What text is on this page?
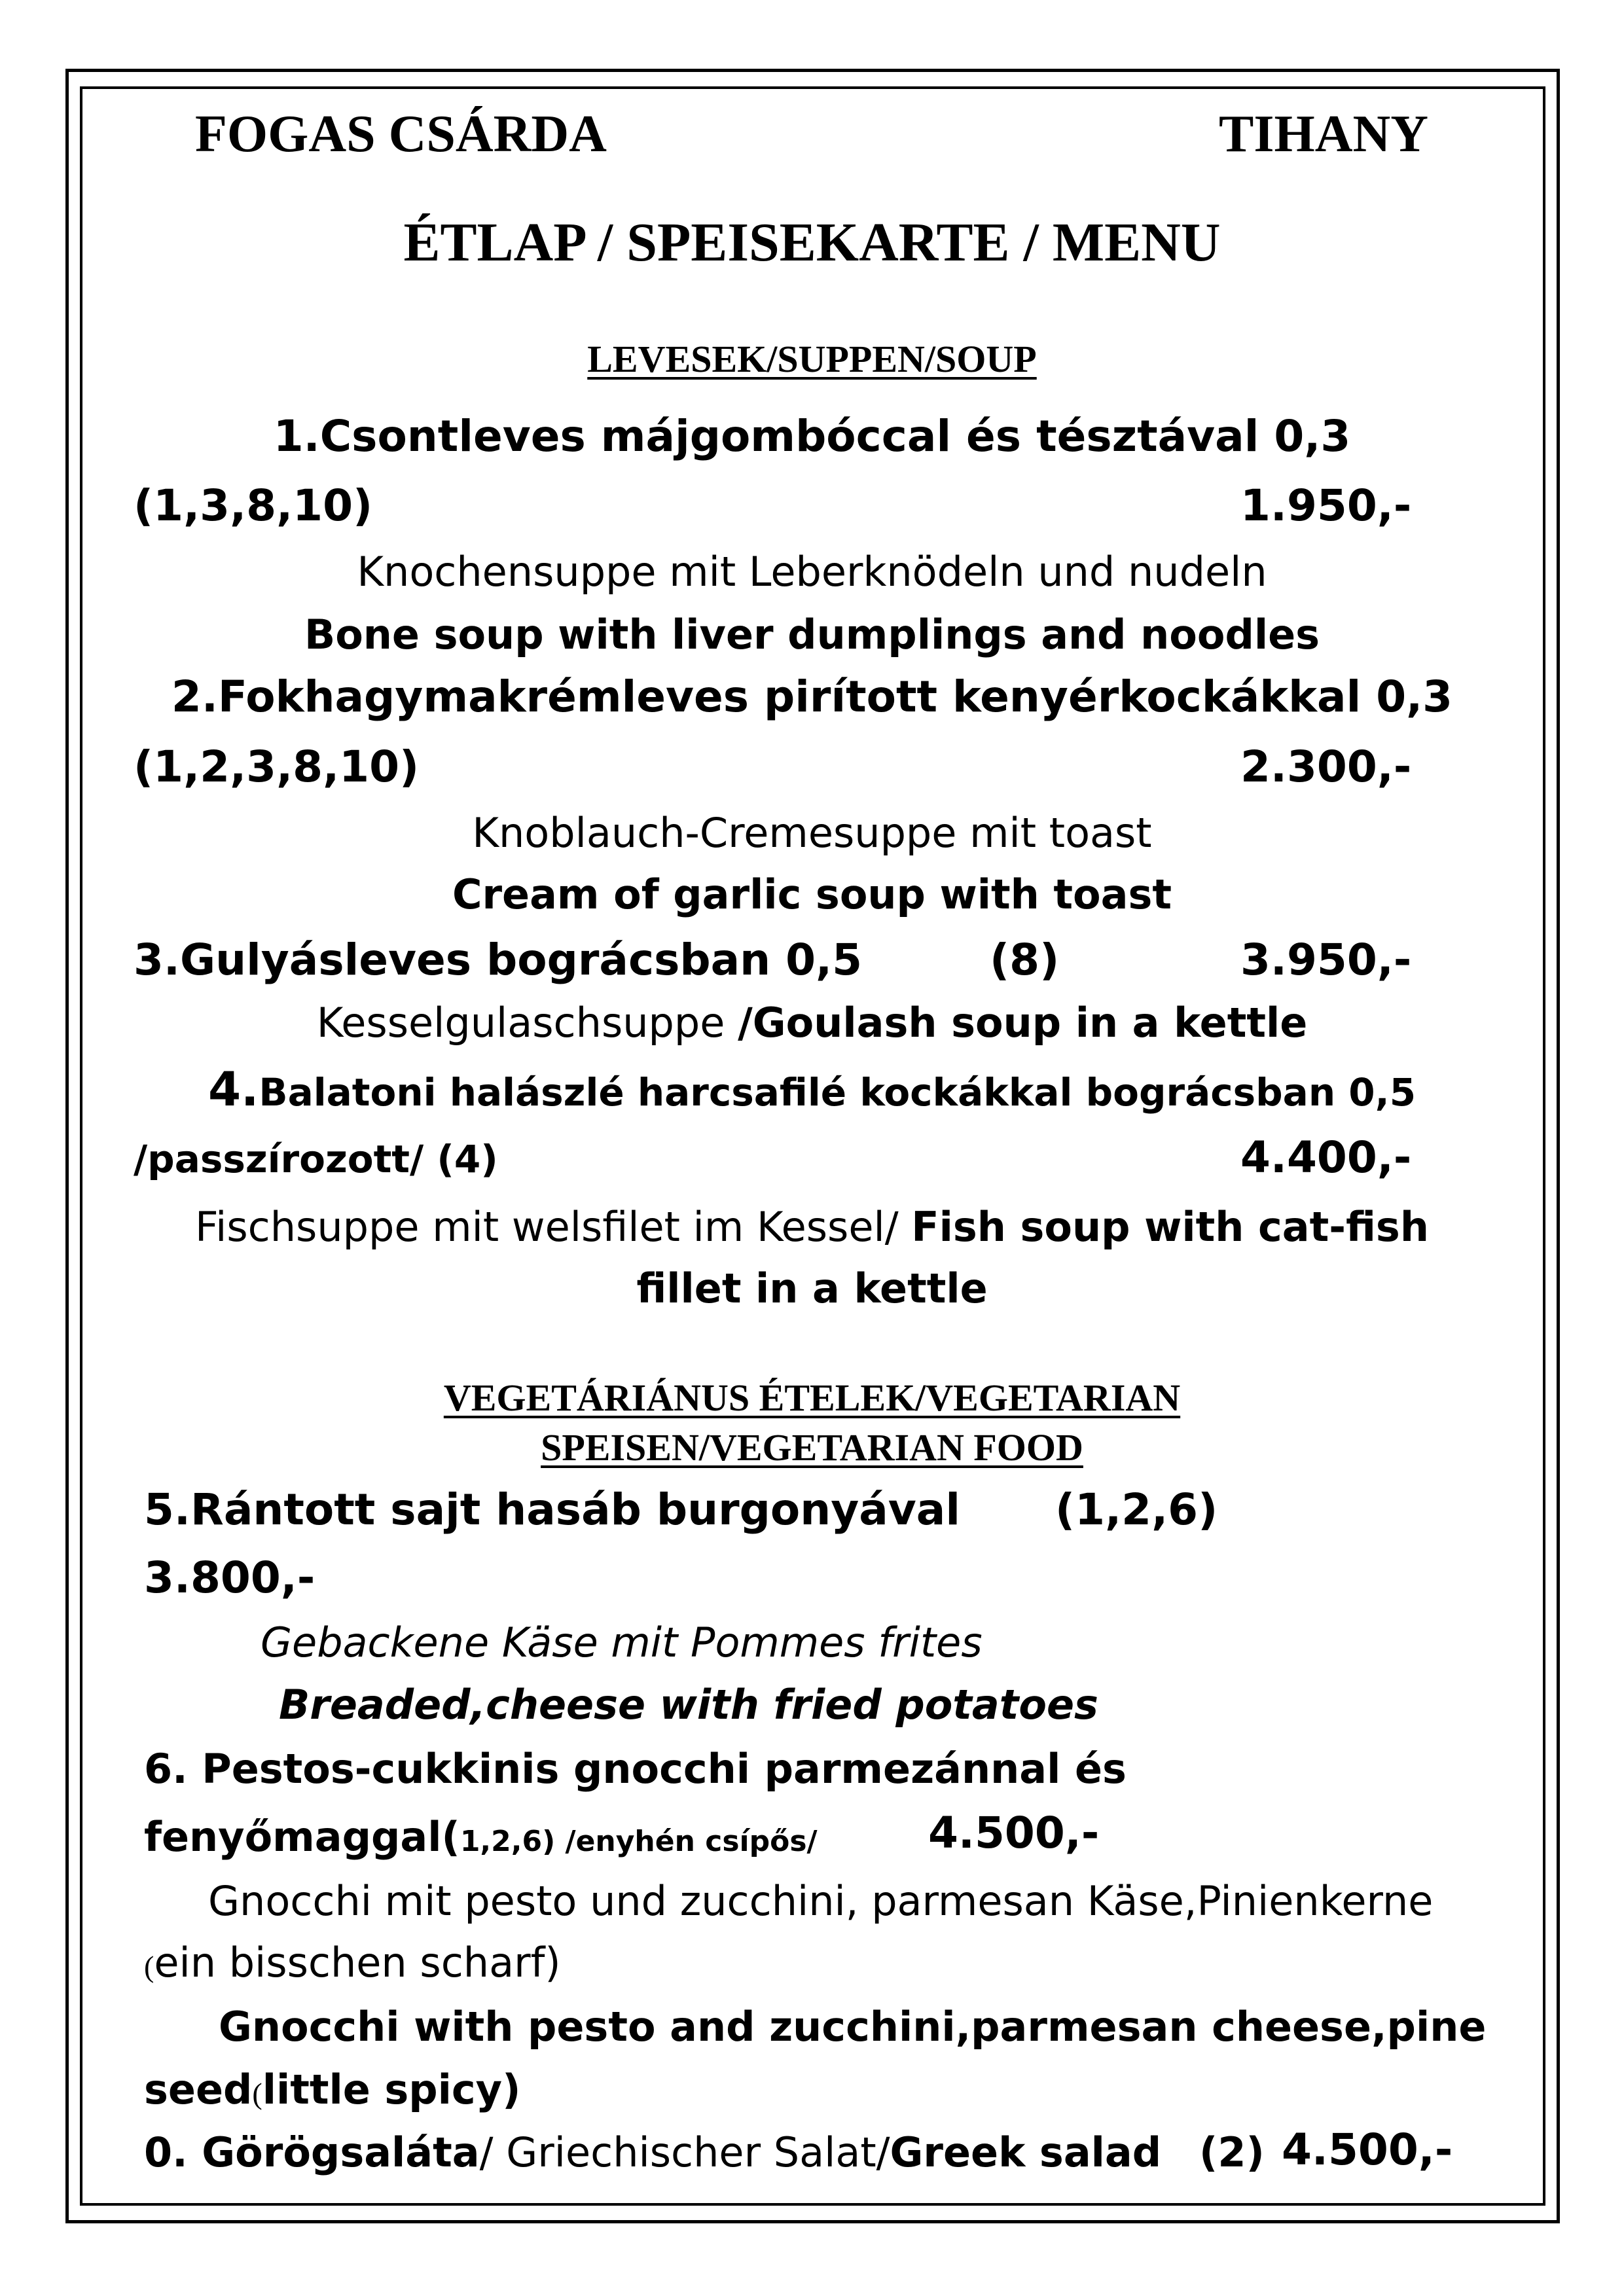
FOGAS CSÁRDA	TIHANY
ÉTLAP / SPEISEKARTE / MENU
LEVESEK/SUPPEN/SOUP
1.Csontleves májgombóccal és tésztával 0,3
(1,3,8,10)	1.950,-
Knochensuppe mit Leberknödeln und nudeln
Bone soup with liver dumplings and noodles
2.Fokhagymakrémleves pirított kenyérkockákkal 0,3
(1,2,3,8,10)	2.300,-
Knoblauch-Cremesuppe mit toast
Cream of garlic soup with toast
3.Gulyásleves bográcsban 0,5	(8)	3.950,-
Kesselgulaschsuppe /Goulash soup in a kettle
4.Balatoni halászlé harcsafilé kockákkal bográcsban 0,5
/passzírozott/ (4)	4.400,-
Fischsuppe mit welsfilet im Kessel/ Fish soup with cat-fish
fillet in a kettle
VEGETÁRIÁNUS ÉTELEK/VEGETARIAN
SPEISEN/VEGETARIAN FOOD
5.Rántott sajt hasáb burgonyával (1,2,6)
3.800,-
Gebackene Käse mit Pommes frites
Breaded,cheese with fried potatoes
6. Pestos-cukkinis gnocchi parmezánnal és
fenyőmaggal(1,2,6) /enyhén csípős/	4.500,-
Gnocchi mit pesto und zucchini, parmesan Käse,Pinienkerne
(ein bisschen scharf)
Gnocchi with pesto and zucchini,parmesan cheese,pine
seed(little spicy)
0. Görögsaláta/ Griechischer Salat/Greek salad (2) 4.500,-
